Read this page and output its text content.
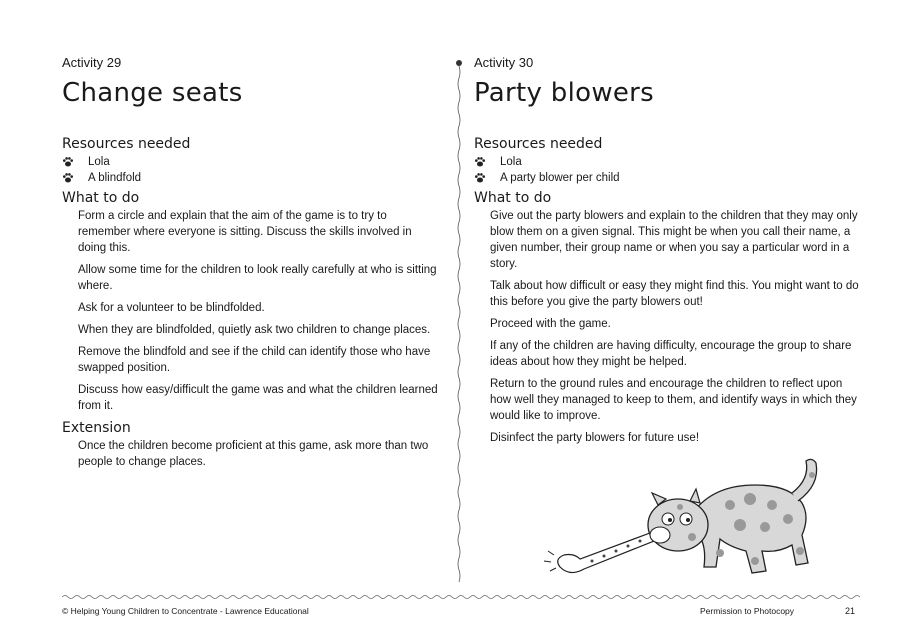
Activity 29

Change seats
Resources needed
Lola
A blindfold
What to do

Form a circle and explain that the aim of the game is to try to remember where everyone is sitting. Discuss the skills involved in doing this.

Allow some time for the children to look really carefully at who is sitting where.

Ask for a volunteer to be blindfolded.

When they are blindfolded, quietly ask two children to change places.

Remove the blindfold and see if the child can identify those who have swapped position.

Discuss how easy/difficult the game was and what the children learned from it.

Extension

Once the children become proficient at this game, ask more than two people to change places.

Activity 30

Party blowers
Resources needed
Lola
A party blower per child
What to do

Give out the party blowers and explain to the children that they may only blow them on a given signal. This might be when you call their name, a given number, their group name or when you say a particular word in a story.

Talk about how difficult or easy they might find this. You might want to do this before you give the party blowers out!

Proceed with the game.

If any of the children are having difficulty, encourage the group to share ideas about how they might be helped.

Return to the ground rules and encourage the children to reflect upon how well they managed to keep to them, and identify ways in which they would like to improve.

Disinfect the party blowers for future use!

© Helping Young Children to Concentrate - Lawrence Educational	Permission to Photocopy	21
